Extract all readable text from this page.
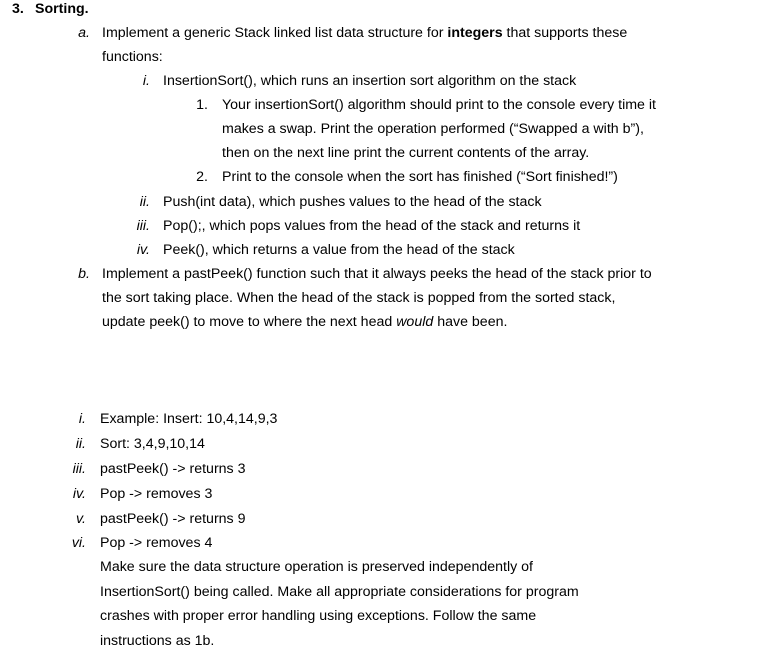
3. Sorting.
a. Implement a generic Stack linked list data structure for integers that supports these
functions:
i. InsertionSort(), which runs an insertion sort algorithm on the stack
1. Your insertionSort() algorithm should print to the console every time it
makes a swap. Print the operation performed (“Swapped a with b”),
then on the next line print the current contents of the array.
2. Print to the console when the sort has finished (“Sort finished!”)
ii. Push(int data), which pushes values to the head of the stack
iii. Pop();, which pops values from the head of the stack and returns it
iv. Peek(), which returns a value from the head of the stack
b. Implement a pastPeek() function such that it always peeks the head of the stack prior to
the sort taking place. When the head of the stack is popped from the sorted stack,
update peek() to move to where the next head would have been.
i. Example: Insert: 10,4,14,9,3
ii. Sort: 3,4,9,10,14
iii. pastPeek() -> returns 3
iv. Pop -> removes 3
v. pastPeek() -> returns 9
vi. Pop -> removes 4
Make sure the data structure operation is preserved independently of
InsertionSort() being called. Make all appropriate considerations for program
crashes with proper error handling using exceptions. Follow the same
instructions as 1b.
